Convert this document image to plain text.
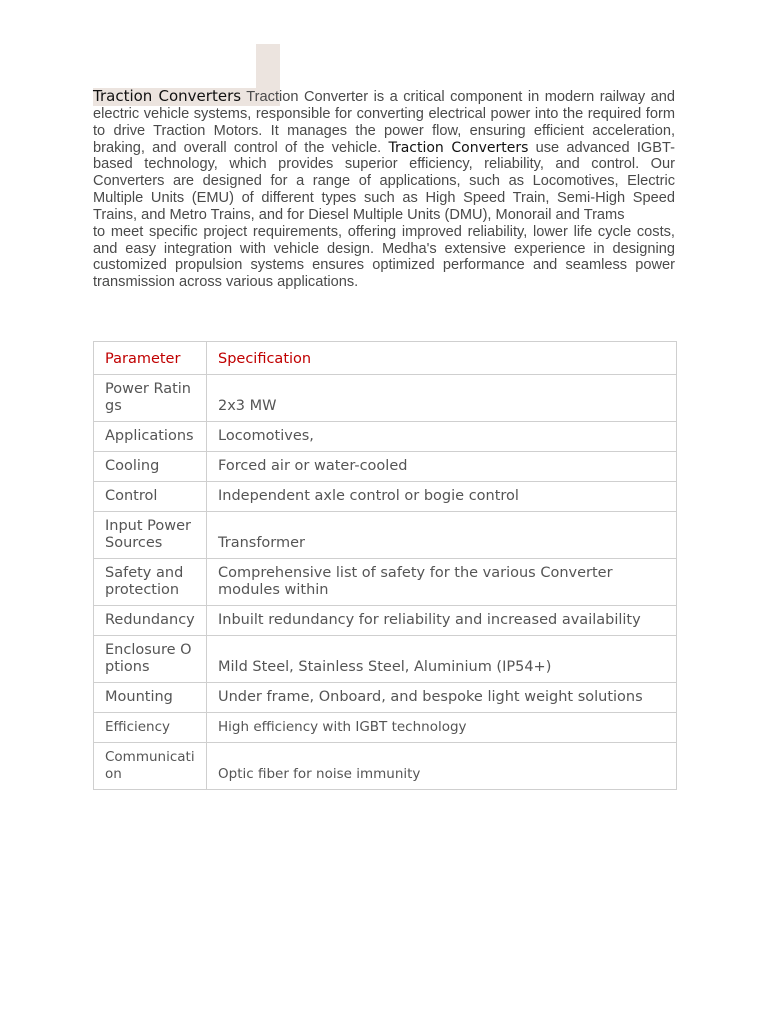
Traction Converters Traction Converter is a critical component in modern railway and electric vehicle systems, responsible for converting electrical power into the required form to drive Traction Motors. It manages the power flow, ensuring efficient acceleration, braking, and overall control of the vehicle. Traction Converters use advanced IGBT-based technology, which provides superior efficiency, reliability, and control. Our Converters are designed for a range of applications, such as Locomotives, Electric Multiple Units (EMU) of different types such as High Speed Train, Semi-High Speed Trains, and Metro Trains, and for Diesel Multiple Units (DMU), Monorail and Trams
to meet specific project requirements, offering improved reliability, lower life cycle costs, and easy integration with vehicle design. Medha's extensive experience in designing customized propulsion systems ensures optimized performance and seamless power transmission across various applications.

Parameter	Specification
Power Ratings	2x3 MW
Applications	Locomotives,
Cooling	Forced air or water-cooled
Control	Independent axle control or bogie control
Input Power Sources	Transformer
Safety and protection	Comprehensive list of safety for the various Converter modules within
Redundancy	Inbuilt redundancy for reliability and increased availability
Enclosure Options	Mild Steel, Stainless Steel, Aluminium (IP54+)
Mounting	Under frame, Onboard, and bespoke light weight solutions
Efficiency	High efficiency with IGBT technology
Communication	Optic fiber for noise immunity
